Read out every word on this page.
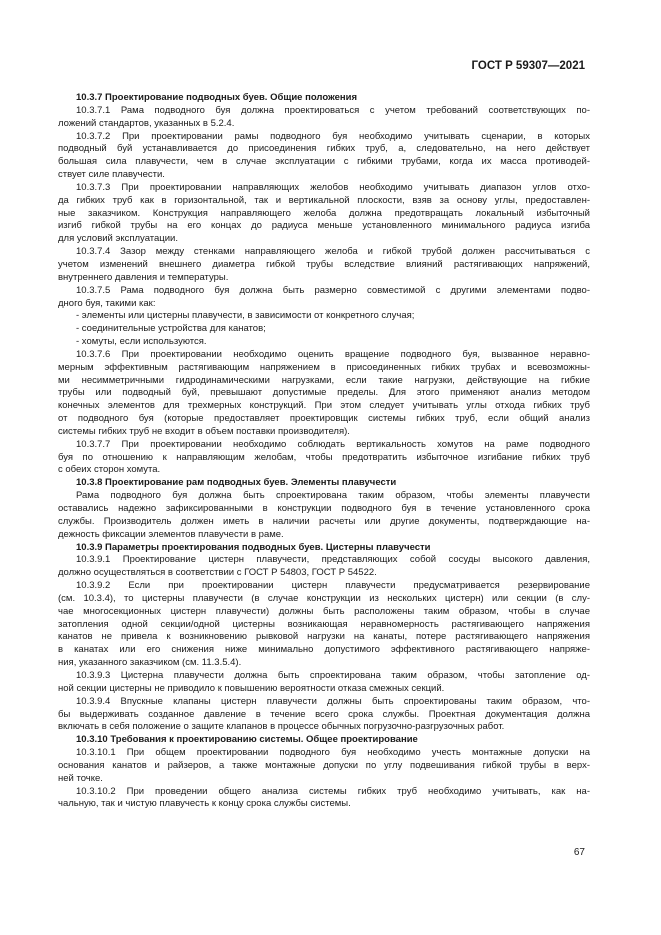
ГОСТ Р 59307—2021
10.3.7 Проектирование подводных буев. Общие положения
10.3.7.1 Рама подводного буя должна проектироваться с учетом требований соответствующих по-
ложений стандартов, указанных в 5.2.4.
10.3.7.2 При проектировании рамы подводного буя необходимо учитывать сценарии, в которых
подводный буй устанавливается до присоединения гибких труб, а, следовательно, на него действует
большая сила плавучести, чем в случае эксплуатации с гибкими трубами, когда их масса противодей-
ствует силе плавучести.
10.3.7.3 При проектировании направляющих желобов необходимо учитывать диапазон углов отхо-
да гибких труб как в горизонтальной, так и вертикальной плоскости, взяв за основу углы, предоставлен-
ные заказчиком. Конструкция направляющего желоба должна предотвращать локальный избыточный
изгиб гибкой трубы на его концах до радиуса меньше установленного минимального радиуса изгиба
для условий эксплуатации.
10.3.7.4 Зазор между стенками направляющего желоба и гибкой трубой должен рассчитываться с
учетом изменений внешнего диаметра гибкой трубы вследствие влияний растягивающих напряжений,
внутреннего давления и температуры.
10.3.7.5 Рама подводного буя должна быть размерно совместимой с другими элементами подво-
дного буя, такими как:
- элементы или цистерны плавучести, в зависимости от конкретного случая;
- соединительные устройства для канатов;
- хомуты, если используются.
10.3.7.6 При проектировании необходимо оценить вращение подводного буя, вызванное неравно-
мерным эффективным растягивающим напряжением в присоединенных гибких трубах и всевозможны-
ми несимметричными гидродинамическими нагрузками, если такие нагрузки, действующие на гибкие
трубы или подводный буй, превышают допустимые пределы. Для этого применяют анализ методом
конечных элементов для трехмерных конструкций. При этом следует учитывать углы отхода гибких труб
от подводного буя (которые предоставляет проектировщик системы гибких труб, если общий анализ
системы гибких труб не входит в объем поставки производителя).
10.3.7.7 При проектировании необходимо соблюдать вертикальность хомутов на раме подводного
буя по отношению к направляющим желобам, чтобы предотвратить избыточное изгибание гибких труб
с обеих сторон хомута.
10.3.8 Проектирование рам подводных буев. Элементы плавучести
Рама подводного буя должна быть спроектирована таким образом, чтобы элементы плавучести
оставались надежно зафиксированными в конструкции подводного буя в течение установленного срока
службы. Производитель должен иметь в наличии расчеты или другие документы, подтверждающие на-
дежность фиксации элементов плавучести в раме.
10.3.9 Параметры проектирования подводных буев. Цистерны плавучести
10.3.9.1 Проектирование цистерн плавучести, представляющих собой сосуды высокого давления,
должно осуществляться в соответствии с ГОСТ Р 54803, ГОСТ Р 54522.
10.3.9.2 Если при проектировании цистерн плавучести предусматривается резервирование
(см. 10.3.4), то цистерны плавучести (в случае конструкции из нескольких цистерн) или секции (в слу-
чае многосекционных цистерн плавучести) должны быть расположены таким образом, чтобы в случае
затопления одной секции/одной цистерны возникающая неравномерность растягивающего напряжения
канатов не привела к возникновению рывковой нагрузки на канаты, потере растягивающего напряжения
в канатах или его снижения ниже минимально допустимого эффективного растягивающего напряже-
ния, указанного заказчиком (см. 11.3.5.4).
10.3.9.3 Цистерна плавучести должна быть спроектирована таким образом, чтобы затопление од-
ной секции цистерны не приводило к повышению вероятности отказа смежных секций.
10.3.9.4 Впускные клапаны цистерн плавучести должны быть спроектированы таким образом, что-
бы выдерживать созданное давление в течение всего срока службы. Проектная документация должна
включать в себя положение о защите клапанов в процессе обычных погрузочно-разгрузочных работ.
10.3.10 Требования к проектированию системы. Общее проектирование
10.3.10.1 При общем проектировании подводного буя необходимо учесть монтажные допуски на
основания канатов и райзеров, а также монтажные допуски по углу подвешивания гибкой трубы в верх-
ней точке.
10.3.10.2 При проведении общего анализа системы гибких труб необходимо учитывать, как на-
чальную, так и чистую плавучесть к концу срока службы системы.
67
